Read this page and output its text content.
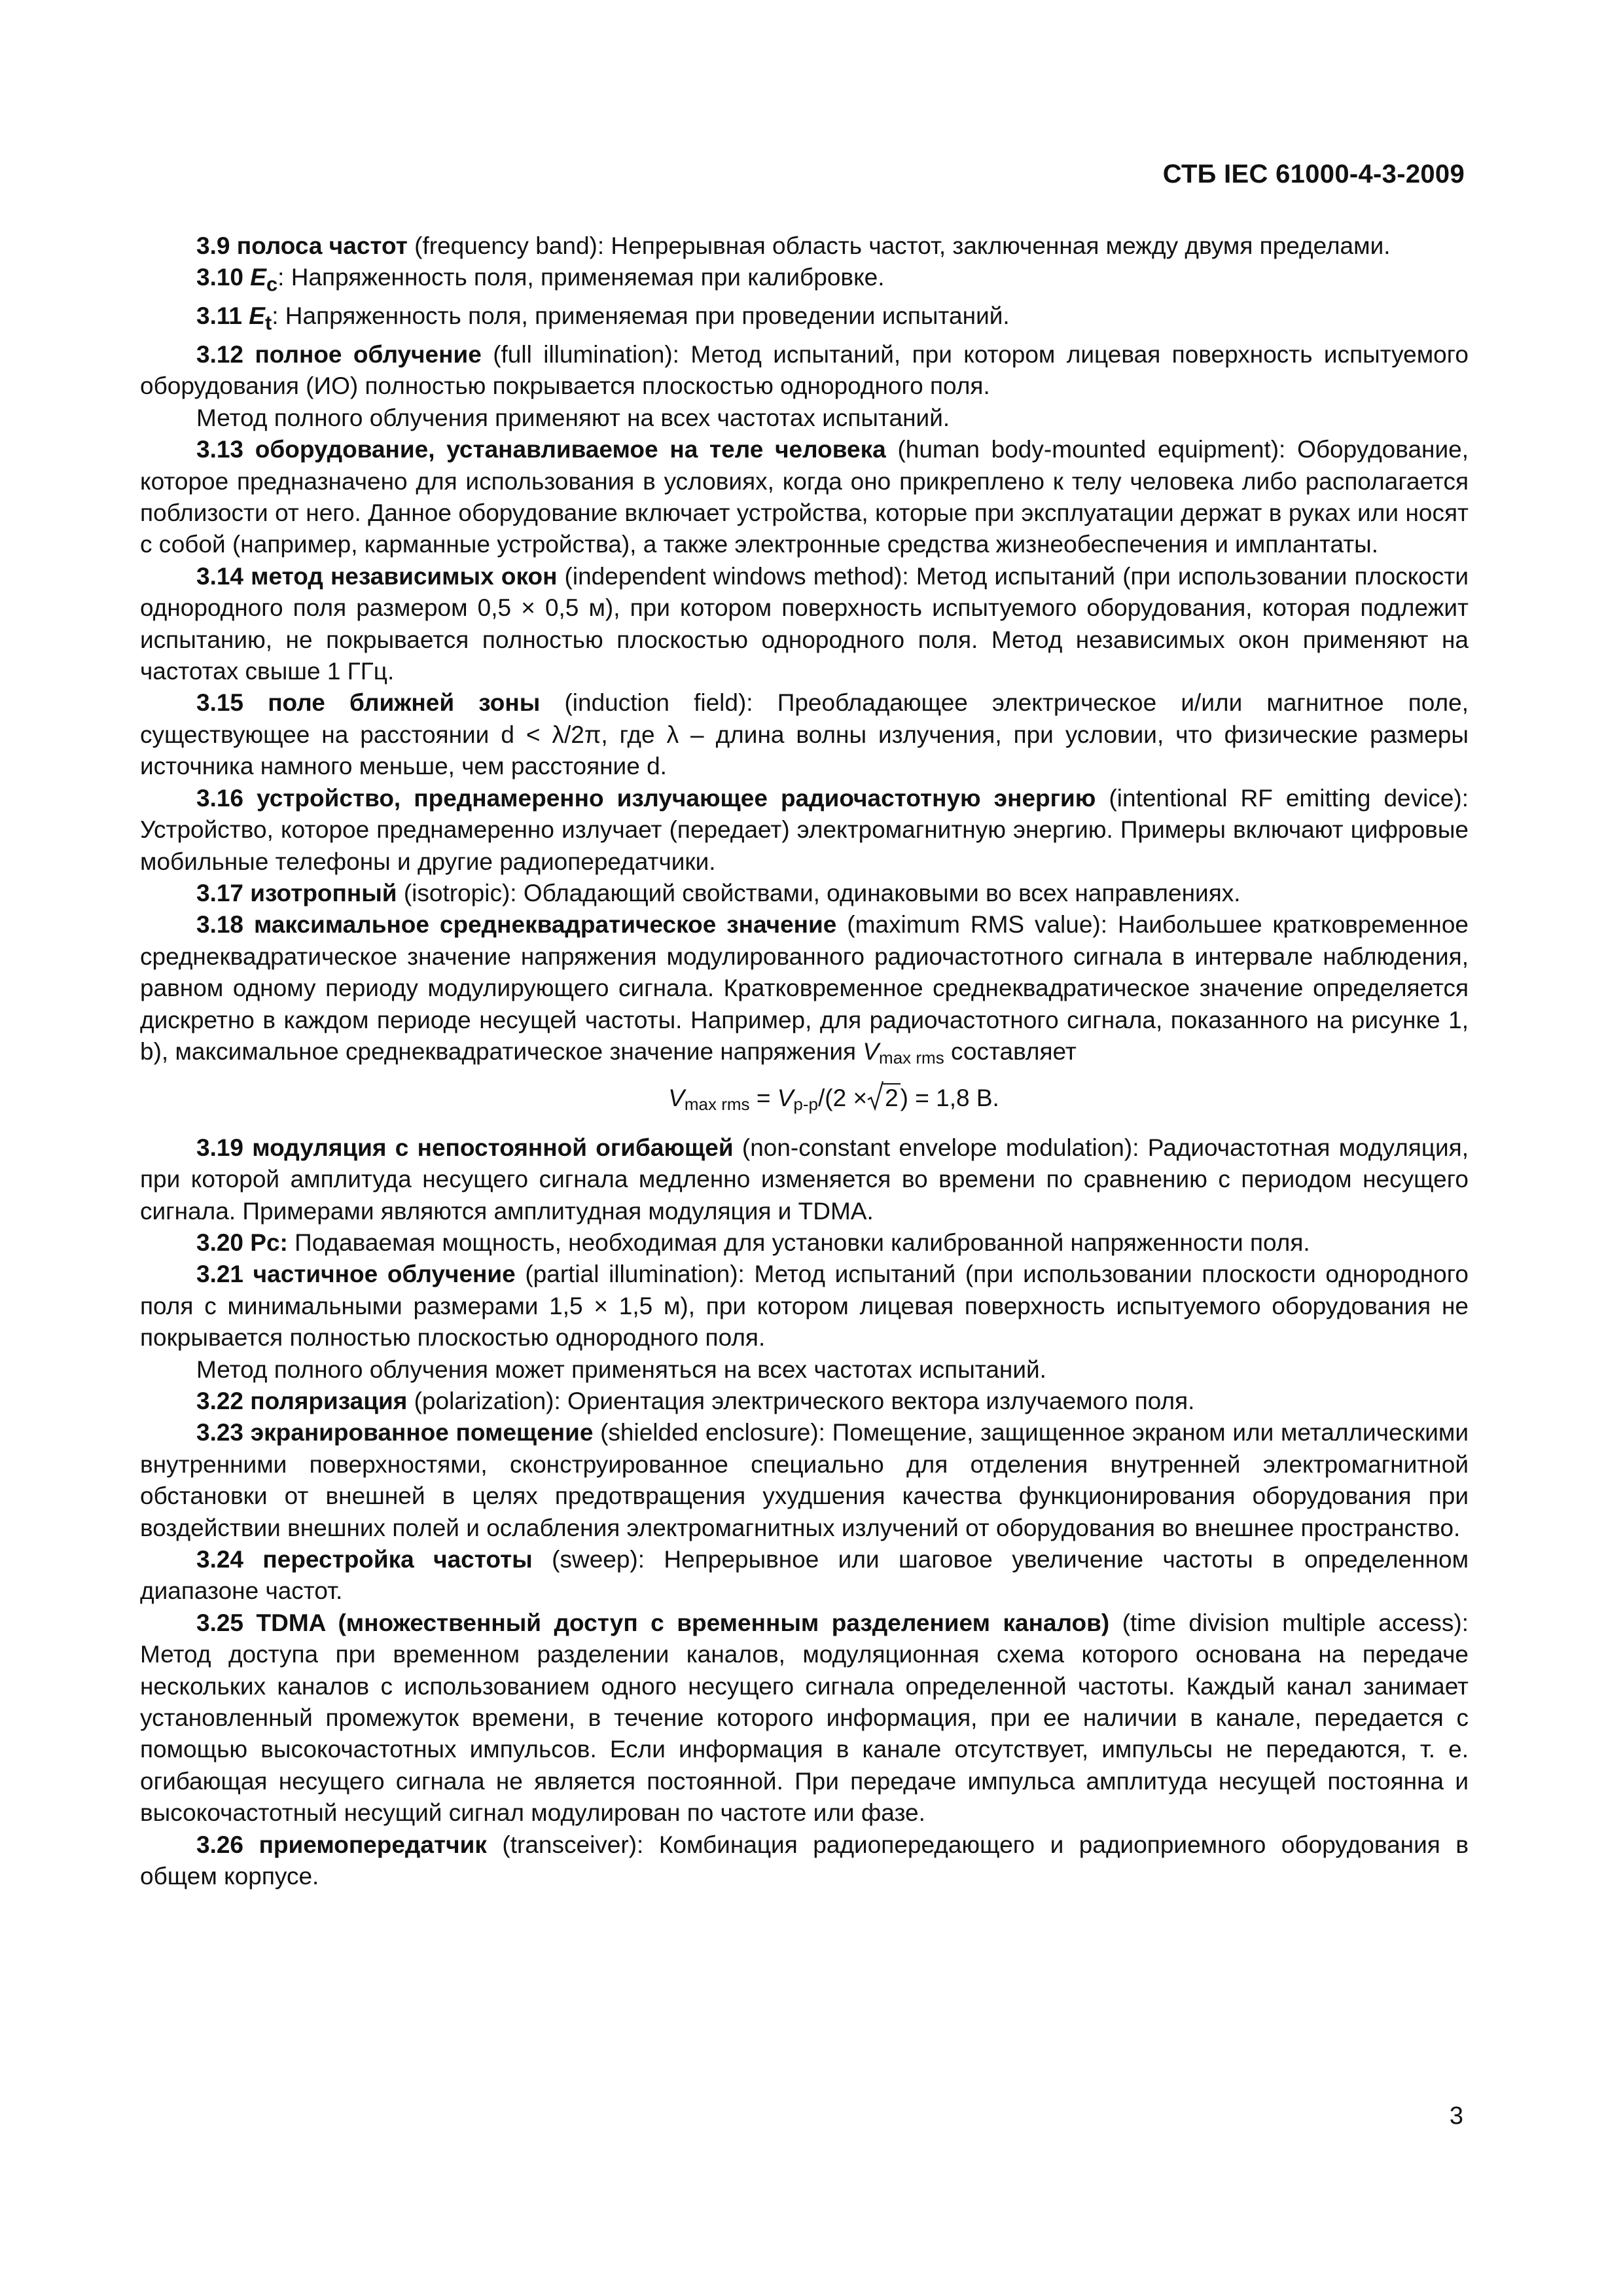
СТБ IEC 61000-4-3-2009

3.9 полоса частот (frequency band): Непрерывная область частот, заключенная между двумя пределами.

3.10 $E_c$: Напряженность поля, применяемая при калибровке.

3.11 $E_t$: Напряженность поля, применяемая при проведении испытаний.

3.12 полное облучение (full illumination): Метод испытаний, при котором лицевая поверхность испытуемого оборудования (ИО) полностью покрывается плоскостью однородного поля.

Метод полного облучения применяют на всех частотах испытаний.

3.13 оборудование, устанавливаемое на теле человека (human body-mounted equipment): Оборудование, которое предназначено для использования в условиях, когда оно прикреплено к телу человека либо располагается поблизости от него. Данное оборудование включает устройства, которые при эксплуатации держат в руках или носят с собой (например, карманные устройства), а также электронные средства жизнеобеспечения и имплантаты.

3.14 метод независимых окон (independent windows method): Метод испытаний (при использовании плоскости однородного поля размером 0,5 × 0,5 м), при котором поверхность испытуемого оборудования, которая подлежит испытанию, не покрывается полностью плоскостью однородного поля. Метод независимых окон применяют на частотах свыше 1 ГГц.

3.15 поле ближней зоны (induction field): Преобладающее электрическое и/или магнитное поле, существующее на расстоянии d < λ/2π, где λ – длина волны излучения, при условии, что физические размеры источника намного меньше, чем расстояние d.

3.16 устройство, преднамеренно излучающее радиочастотную энергию (intentional RF emitting device): Устройство, которое преднамеренно излучает (передает) электромагнитную энергию. Примеры включают цифровые мобильные телефоны и другие радиопередатчики.

3.17 изотропный (isotropic): Обладающий свойствами, одинаковыми во всех направлениях.

3.18 максимальное среднеквадратическое значение (maximum RMS value): Наибольшее кратковременное среднеквадратическое значение напряжения модулированного радиочастотного сигнала в интервале наблюдения, равном одному периоду модулирующего сигнала. Кратковременное среднеквадратическое значение определяется дискретно в каждом периоде несущей частоты. Например, для радиочастотного сигнала, показанного на рисунке 1, b), максимальное среднеквадратическое значение напряжения $V_{max rms}$ составляет

$V_{max rms} = V_{p-p}/(2 \times 2) = 1,8$ В.

3.19 модуляция с непостоянной огибающей (non-constant envelope modulation): Радиочастотная модуляция, при которой амплитуда несущего сигнала медленно изменяется во времени по сравнению с периодом несущего сигнала. Примерами являются амплитудная модуляция и TDMA.

3.20 Pc: Подаваемая мощность, необходимая для установки калиброванной напряженности поля.

3.21 частичное облучение (partial illumination): Метод испытаний (при использовании плоскости однородного поля с минимальными размерами 1,5 × 1,5 м), при котором лицевая поверхность испытуемого оборудования не покрывается полностью плоскостью однородного поля.

Метод полного облучения может применяться на всех частотах испытаний.

3.22 поляризация (polarization): Ориентация электрического вектора излучаемого поля.

3.23 экранированное помещение (shielded enclosure): Помещение, защищенное экраном или металлическими внутренними поверхностями, сконструированное специально для отделения внутренней электромагнитной обстановки от внешней в целях предотвращения ухудшения качества функционирования оборудования при воздействии внешних полей и ослабления электромагнитных излучений от оборудования во внешнее пространство.

3.24 перестройка частоты (sweep): Непрерывное или шаговое увеличение частоты в определенном диапазоне частот.

3.25 TDMA (множественный доступ с временным разделением каналов) (time division multiple access): Метод доступа при временном разделении каналов, модуляционная схема которого основана на передаче нескольких каналов с использованием одного несущего сигнала определенной частоты. Каждый канал занимает установленный промежуток времени, в течение которого информация, при ее наличии в канале, передается с помощью высокочастотных импульсов. Если информация в канале отсутствует, импульсы не передаются, т. е. огибающая несущего сигнала не является постоянной. При передаче импульса амплитуда несущей постоянна и высокочастотный несущий сигнал модулирован по частоте или фазе.

3.26 приемопередатчик (transceiver): Комбинация радиопередающего и радиоприемного оборудования в общем корпусе.

3
